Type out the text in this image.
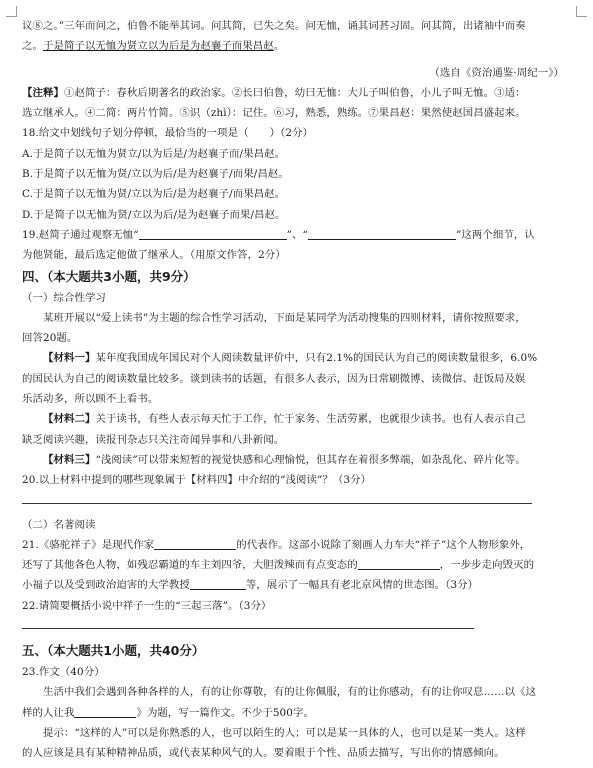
议⑧之。”三年而问之，伯鲁不能举其词。问其简，已失之矣。问无恤，诵其词甚习固。问其简，出诸袖中而奏
之。于是简子以无恤为贤立以为后是为赵襄子而果昌赵。
（选自《资治通鉴·周纪一》）
【注释】①赵简子：春秋后期著名的政治家。②长曰伯鲁，幼曰无恤：大儿子叫伯鲁，小儿子叫无恤。③适：
选立继承人。④二简：两片竹简。⑤识（zhì）：记住。⑥习，熟悉，熟练。⑦果昌赵：果然使赵国昌盛起来。
18.给文中划线句子划分停顿，最恰当的一项是（　　）（2分）
A.于是简子以无恤为贤立/以为后是/为赵襄子而/果昌赵。
B.于是简子以无恤为贤/立以为后/是为赵襄子/而果/昌赵。
C.于是简子以无恤为贤/立以为后/是为赵襄子/而果昌赵。
D.于是简子以无恤为贤/立以为后/是为赵襄子而果/昌赵。
19.赵简子通过观察无恤“	”、“	”这两个细节，认
为他贤能，最后选定他做了继承人。（用原文作答，2分）
四、（本大题共3小题，共9分）
（一）综合性学习
某班开展以“爱上读书”为主题的综合性学习活动，下面是某同学为活动搜集的四则材料，请你按照要求，
回答20题。
【材料一】某年度我国成年国民对个人阅读数量评价中，只有2.1%的国民认为自己的阅读数量很多，6.0%
的国民认为自己的阅读数量比较多。谈到读书的话题，有很多人表示，因为日常刷微博、读微信、赶饭局及娱
乐活动多，所以顾不上看书。
【材料二】关于读书，有些人表示每天忙于工作，忙于家务、生活劳累，也就很少读书。也有人表示自己
缺乏阅读兴趣，读报刊杂志只关注奇闻异事和八卦新闻。
【材料三】“浅阅读”可以带来短暂的视觉快感和心理愉悦，但其存在着很多弊端，如杂乱化、碎片化等。
20.以上材料中提到的哪些现象属于【材料四】中介绍的“浅阅读”？（3分）
（二）名著阅读
21.《骆驼祥子》是现代作家	的代表作。这部小说除了刻画人力车夫“祥子”这个人物形象外，
还写了其他各色人物，如残忍霸道的车主刘四爷，大胆泼辣而有点变态的	，一步步走向毁灭的
小福子以及受到政治迫害的大学教授	等，展示了一幅具有老北京风情的世态图。（3分）
22.请简要概括小说中祥子一生的“三起三落”。（3分）
五、（本大题共1小题，共40分）
23.作文（40分）
生活中我们会遇到各种各样的人，有的让你尊敬，有的让你佩服，有的让你感动，有的让你叹息……以《这
样的人让我	》为题，写一篇作文。不少于500字。
提示：“这样的人”可以是你熟悉的人，也可以陌生的人；可以是某一具体的人，也可以是某一类人。这样
的人应该是具有某种精神品质，或代表某种风气的人。要着眼于个性、品质去描写，写出你的情感倾向。
